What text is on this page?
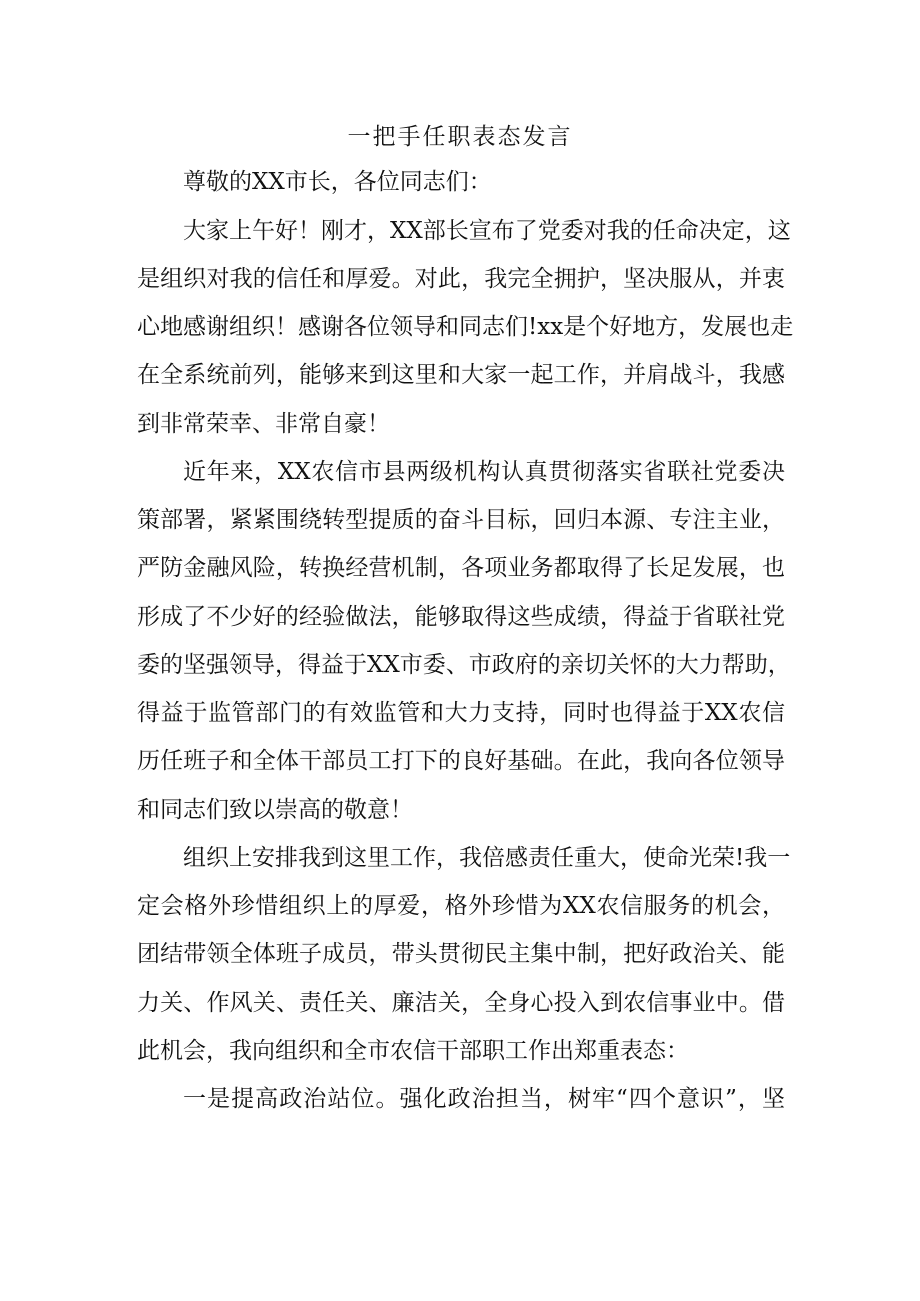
一把手任职表态发言
尊敬的XX市长，各位同志们：
大家上午好！刚才，XX部长宣布了党委对我的任命决定，这
是组织对我的信任和厚爱。对此，我完全拥护，坚决服从，并衷
心地感谢组织！感谢各位领导和同志们!xx是个好地方，发展也走
在全系统前列，能够来到这里和大家一起工作，并肩战斗，我感
到非常荣幸、非常自豪！
近年来，XX农信市县两级机构认真贯彻落实省联社党委决
策部署，紧紧围绕转型提质的奋斗目标，回归本源、专注主业，
严防金融风险，转换经营机制，各项业务都取得了长足发展，也
形成了不少好的经验做法，能够取得这些成绩，得益于省联社党
委的坚强领导，得益于XX市委、市政府的亲切关怀的大力帮助，
得益于监管部门的有效监管和大力支持，同时也得益于XX农信
历任班子和全体干部员工打下的良好基础。在此，我向各位领导
和同志们致以崇高的敬意！
组织上安排我到这里工作，我倍感责任重大，使命光荣!我一
定会格外珍惜组织上的厚爱，格外珍惜为XX农信服务的机会，
团结带领全体班子成员，带头贯彻民主集中制，把好政治关、能
力关、作风关、责任关、廉洁关，全身心投入到农信事业中。借
此机会，我向组织和全市农信干部职工作出郑重表态：
一是提高政治站位。强化政治担当，树牢“四个意识”，坚
